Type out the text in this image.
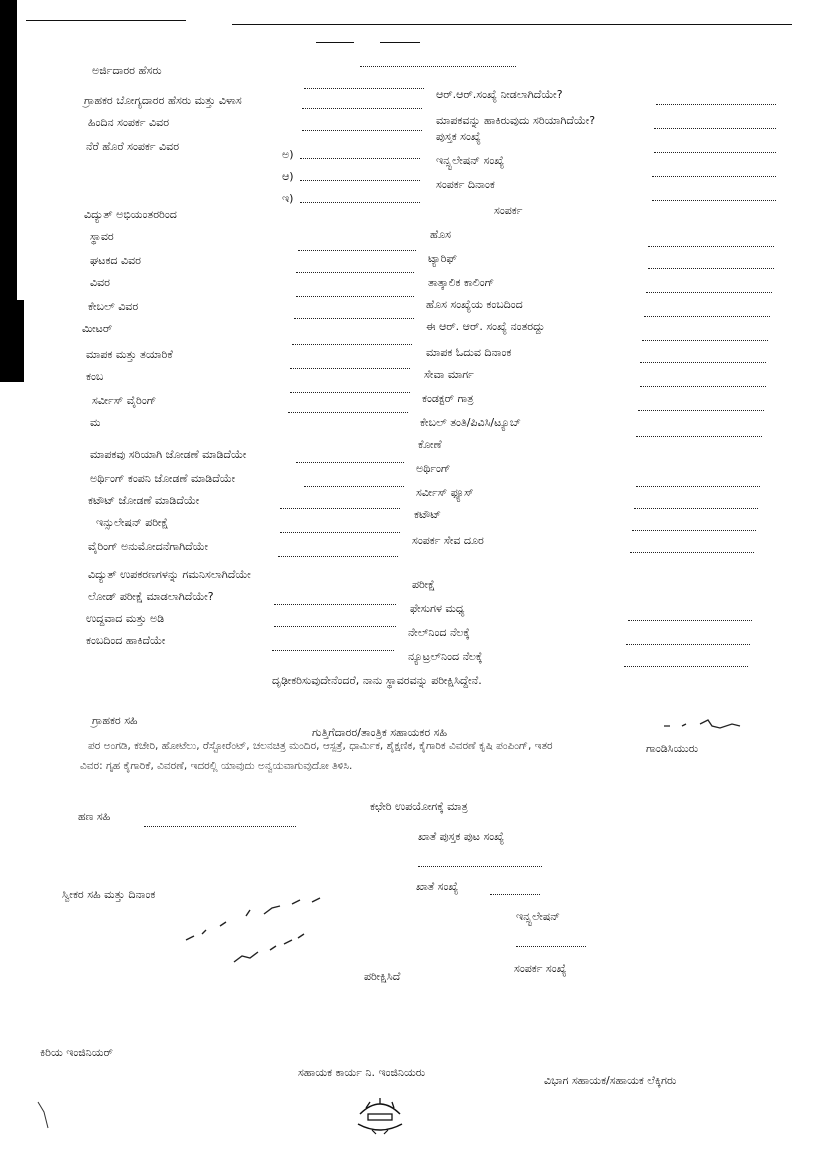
ಅರ್ಜಿದಾರರ ಹೆಸರು
ಗ್ರಾಹಕರ ಬೋಗ್ಯದಾರರ ಹೆಸರು ಮತ್ತು ವಿಳಾಸ
ಹಿಂದಿನ ಸಂಪರ್ಕ ವಿವರ
ನೆರೆ ಹೊರೆ ಸಂಪರ್ಕ ವಿವರ
ಅ)
ಆ)
ಇ)
ಆರ್.ಆರ್.ಸಂಖ್ಯೆ ನೀಡಲಾಗಿದೆಯೇ?
ಮಾಪಕವನ್ನು ಹಾಕಿರುವುದು ಸರಿಯಾಗಿದೆಯೇ?
ಪುಸ್ತಕ ಸಂಖ್ಯೆ
ಇನ್ಸ್ಟಲೇಷನ್ ಸಂಖ್ಯೆ
ಸಂಪರ್ಕ ದಿನಾಂಕ
ಸಂಪರ್ಕ
ವಿದ್ಯುತ್ ಅಭಿಯಂತರರಿಂದ
ಸ್ಥಾವರ
ಘಟಕದ ವಿವರ
ವಿವರ
ಕೇಬಲ್ ವಿವರ
ಮೀಟರ್
ಮಾಪಕ ಮತ್ತು ತಯಾರಿಕೆ
ಕಂಬ
ಸರ್ವೀಸ್ ವೈರಿಂಗ್
ಮ
ಮಾಪಕವು ಸರಿಯಾಗಿ ಜೋಡಣೆ ಮಾಡಿದೆಯೇ
ಅರ್ಥಿಂಗ್ ಕಂಪನಿ ಜೋಡಣೆ ಮಾಡಿದೆಯೇ
ಕಟೌಟ್ ಜೋಡಣೆ ಮಾಡಿದೆಯೇ
ಇನ್ಸುಲೇಷನ್ ಪರೀಕ್ಷೆ
ವೈರಿಂಗ್ ಅನುಮೋದನೆಗಾಗಿದೆಯೇ
ವಿದ್ಯುತ್ ಉಪಕರಣಗಳನ್ನು ಗಮನಿಸಲಾಗಿದೆಯೇ
ಲೋಡ್ ಪರೀಕ್ಷೆ ಮಾಡಲಾಗಿದೆಯೇ?
ಉದ್ದವಾದ ಮತ್ತು ಅಡಿ
ಕಂಬದಿಂದ ಹಾಕಿದೆಯೇ
ಹೊಸ
ಟ್ಯಾರಿಫ್
ತಾತ್ಕಾಲಿಕ ಕಾಲಿಂಗ್
ಹೊಸ ಸಂಖ್ಯೆಯ ಕಂಬದಿಂದ
ಈ ಆರ್. ಆರ್. ಸಂಖ್ಯೆ ನಂತರದ್ದು
ಮಾಪಕ ಓದುವ ದಿನಾಂಕ
ಸೇವಾ ಮಾರ್ಗ
ಕಂಡಕ್ಟರ್ ಗಾತ್ರ
ಕೇಬಲ್ ತಂತಿ/ಪಿವಿಸಿ/ಟ್ಯೂಬ್
ಕೋಣೆ
ಅರ್ಥಿಂಗ್
ಸರ್ವೀಸ್ ಫ್ಯೂಸ್
ಕಟೌಟ್
ಸಂಪರ್ಕ ಸೇವ ದೂರ
ಪರೀಕ್ಷೆ
ಫೇಸುಗಳ ಮಧ್ಯ
ನೇಲ್‌ನಿಂದ ನೆಲಕ್ಕೆ
ನ್ಯೂಟ್ರಲ್‌ನಿಂದ ನೆಲಕ್ಕೆ
ದೃಢೀಕರಿಸುವುದೇನೆಂದರೆ, ನಾನು ಸ್ಥಾವರವನ್ನು ಪರೀಕ್ಷಿಸಿದ್ದೇನೆ.
ಗ್ರಾಹಕರ ಸಹಿ
ಗುತ್ತಿಗೆದಾರರ/ತಾಂತ್ರಿಕ ಸಹಾಯಕರ ಸಹಿ
ಗಾಂಡಿಸಿಯುರು
ಪರ ಅಂಗಡಿ, ಕಚೇರಿ, ಹೋಟೆಲು, ರೆಸ್ಟೋರೆಂಟ್, ಚಲನಚಿತ್ರ ಮಂದಿರ, ಆಸ್ಪತ್ರೆ, ಧಾರ್ಮಿಕ, ಶೈಕ್ಷಣಿಕ, ಕೈಗಾರಿಕ ವಿವರಣೆ ಕೃಷಿ ಪಂಪಿಂಗ್, ಇತರ
ವಿವರ: ಗೃಹ ಕೈಗಾರಿಕೆ, ವಿವರಣೆ, ಇದರಲ್ಲಿ ಯಾವುದು ಅನ್ವಯವಾಗುವುದೋ ತಿಳಿಸಿ.
ಕಛೇರಿ ಉಪಯೋಗಕ್ಕೆ ಮಾತ್ರ
ಹಣ ಸಹಿ
ಖಾತೆ ಪುಸ್ತಕ ಪುಟ ಸಂಖ್ಯೆ
ಖಾತೆ ಸಂಖ್ಯೆ
ಸ್ವೀಕರ ಸಹಿ ಮತ್ತು ದಿನಾಂಕ
ಇನ್ಸ್ಟಲೇಷನ್
ಸಂಪರ್ಕ ಸಂಖ್ಯೆ
ಪರೀಕ್ಷಿಸಿದೆ
ಕಿರಿಯ ಇಂಜಿನಿಯರ್
ಸಹಾಯಕ ಕಾರ್ಯ ನಿ. ಇಂಜಿನಿಯರು
ವಿಭಾಗ ಸಹಾಯಕ/ಸಹಾಯಕ ಲೆಕ್ಕಿಗರು
